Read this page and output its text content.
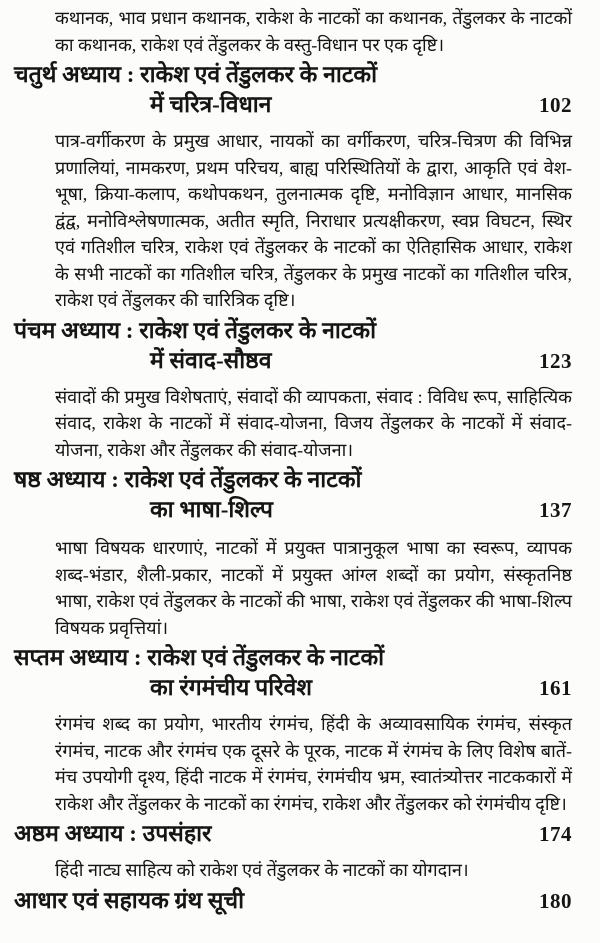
कथानक, भाव प्रधान कथानक, राकेश के नाटकों का कथानक, तेंडुलकर के नाटकों का कथानक, राकेश एवं तेंडुलकर के वस्तु-विधान पर एक दृष्टि।

चतुर्थ अध्याय : राकेश एवं तेंडुलकर के नाटकों
में चरित्र-विधान	102

पात्र-वर्गीकरण के प्रमुख आधार, नायकों का वर्गीकरण, चरित्र-चित्रण की विभिन्न प्रणालियां, नामकरण, प्रथम परिचय, बाह्य परिस्थितियों के द्वारा, आकृति एवं वेश-भूषा, क्रिया-कलाप, कथोपकथन, तुलनात्मक दृष्टि, मनोविज्ञान आधार, मानसिक द्वंद्व, मनोविश्लेषणात्मक, अतीत स्मृति, निराधार प्रत्यक्षीकरण, स्वप्न विघटन, स्थिर एवं गतिशील चरित्र, राकेश एवं तेंडुलकर के नाटकों का ऐतिहासिक आधार, राकेश के सभी नाटकों का गतिशील चरित्र, तेंडुलकर के प्रमुख नाटकों का गतिशील चरित्र, राकेश एवं तेंडुलकर की चारित्रिक दृष्टि।

पंचम अध्याय : राकेश एवं तेंडुलकर के नाटकों
में संवाद-सौष्ठव	123

संवादों की प्रमुख विशेषताएं, संवादों की व्यापकता, संवाद : विविध रूप, साहित्यिक संवाद, राकेश के नाटकों में संवाद-योजना, विजय तेंडुलकर के नाटकों में संवाद-योजना, राकेश और तेंडुलकर की संवाद-योजना।

षष्ठ अध्याय : राकेश एवं तेंडुलकर के नाटकों
का भाषा-शिल्प	137

भाषा विषयक धारणाएं, नाटकों में प्रयुक्त पात्रानुकूल भाषा का स्वरूप, व्यापक शब्द-भंडार, शैली-प्रकार, नाटकों में प्रयुक्त आंग्ल शब्दों का प्रयोग, संस्कृतनिष्ठ भाषा, राकेश एवं तेंडुलकर के नाटकों की भाषा, राकेश एवं तेंडुलकर की भाषा-शिल्प विषयक प्रवृत्तियां।

सप्तम अध्याय : राकेश एवं तेंडुलकर के नाटकों
का रंगमंचीय परिवेश	161

रंगमंच शब्द का प्रयोग, भारतीय रंगमंच, हिंदी के अव्यावसायिक रंगमंच, संस्कृत रंगमंच, नाटक और रंगमंच एक दूसरे के पूरक, नाटक में रंगमंच के लिए विशेष बातें-मंच उपयोगी दृश्य, हिंदी नाटक में रंगमंच, रंगमंचीय भ्रम, स्वातंत्र्योत्तर नाटककारों में राकेश और तेंडुलकर के नाटकों का रंगमंच, राकेश और तेंडुलकर को रंगमंचीय दृष्टि।

अष्ठम अध्याय : उपसंहार	174

हिंदी नाट्य साहित्य को राकेश एवं तेंडुलकर के नाटकों का योगदान।

आधार एवं सहायक ग्रंथ सूची	180
